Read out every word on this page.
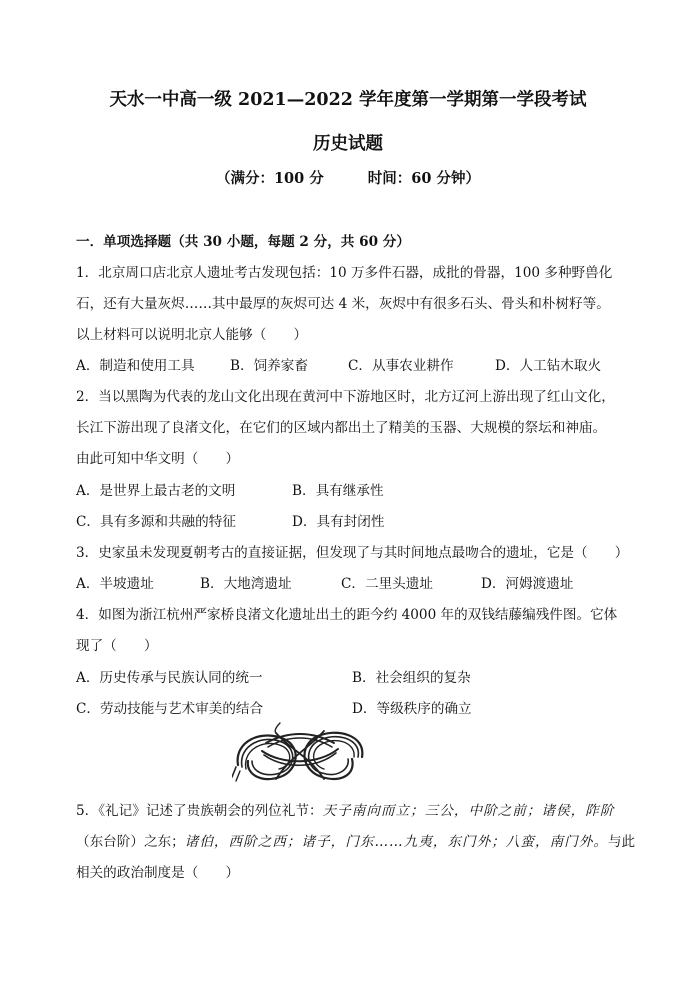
天水一中高一级 2021—2022 学年度第一学期第一学段考试
历史试题
（满分：100 分	时间：60 分钟）
一．单项选择题（共 30 小题，每题 2 分，共 60 分）
1．北京周口店北京人遗址考古发现包括：10 万多件石器，成批的骨器，100 多种野兽化
石，还有大量灰烬……其中最厚的灰烬可达 4 米，灰烬中有很多石头、骨头和朴树籽等。
以上材料可以说明北京人能够（　　）
A．制造和使用工具	B．饲养家畜	C．从事农业耕作	D．人工钻木取火
2．当以黑陶为代表的龙山文化出现在黄河中下游地区时，北方辽河上游出现了红山文化，
长江下游出现了良渚文化，在它们的区域内都出土了精美的玉器、大规模的祭坛和神庙。
由此可知中华文明（　　）
A．是世界上最古老的文明	B．具有继承性
C．具有多源和共融的特征	D．具有封闭性
3．史家虽未发现夏朝考古的直接证据，但发现了与其时间地点最吻合的遗址，它是（　　）
A．半坡遗址	B．大地湾遗址	C．二里头遗址	D．河姆渡遗址
4．如图为浙江杭州严家桥良渚文化遗址出土的距今约 4000 年的双钱结藤编残件图。它体
现了（　　）
A．历史传承与民族认同的统一	B．社会组织的复杂
C．劳动技能与艺术审美的结合	D．等级秩序的确立
5．《礼记》记述了贵族朝会的列位礼节：天子南向而立；三公，中阶之前；诸侯，阼阶
（东台阶）之东；诸伯，西阶之西；诸子，门东……九夷，东门外；八蛮，南门外。与此
相关的政治制度是（　　）
